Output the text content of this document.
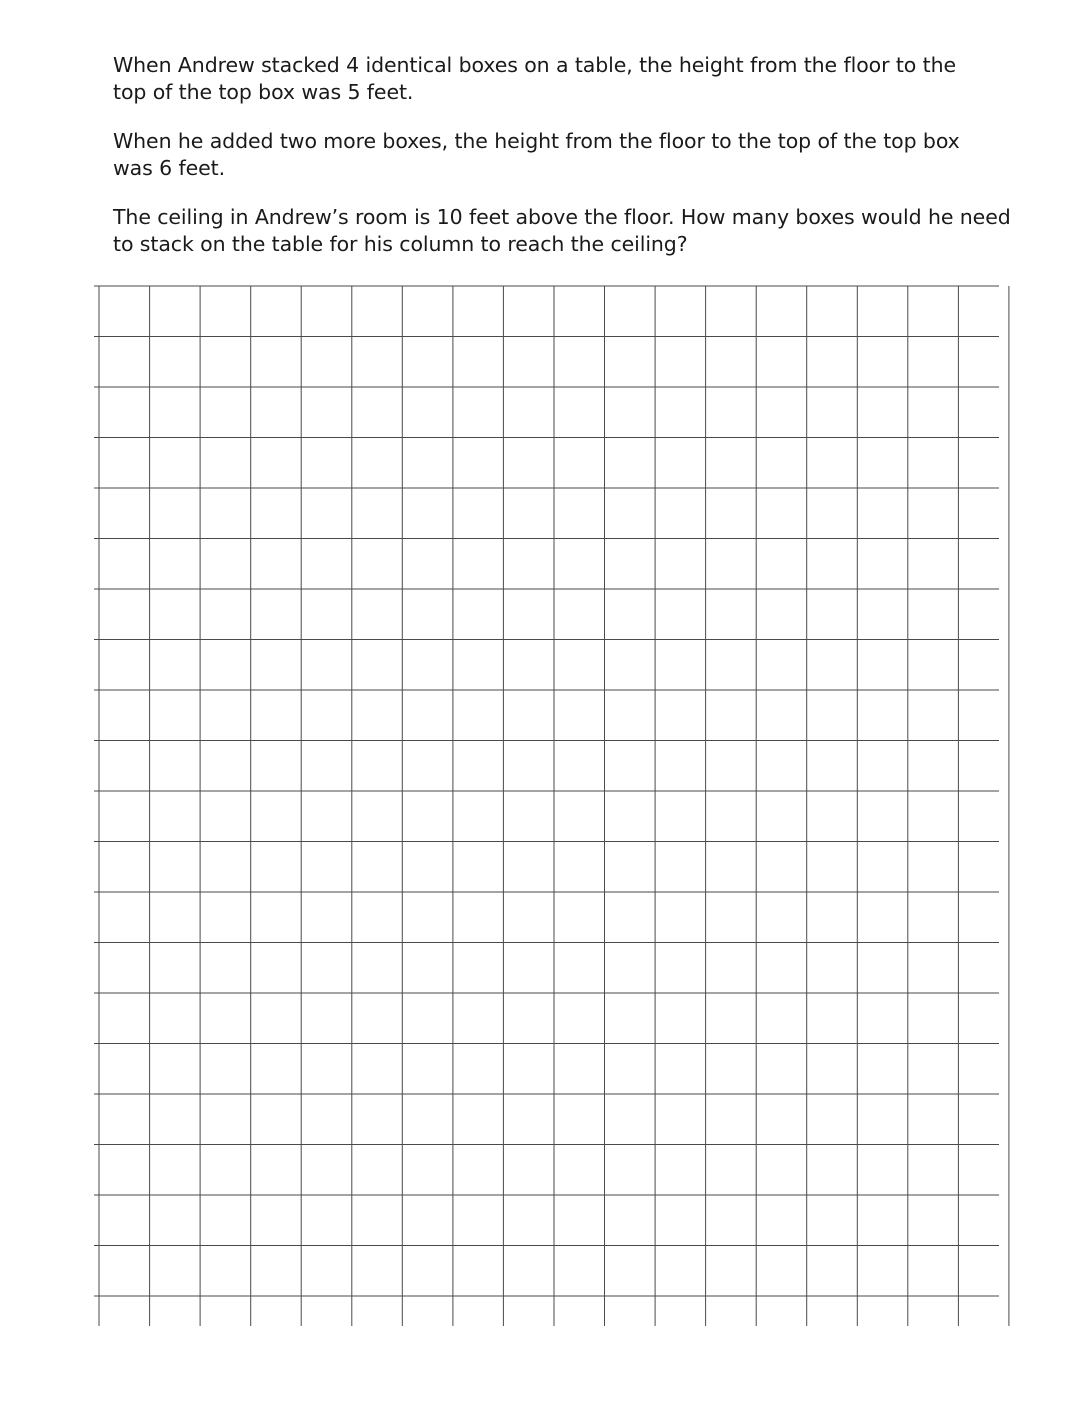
When Andrew stacked 4 identical boxes on a table, the height from the floor to the
top of the top box was 5 feet.

When he added two more boxes, the height from the floor to the top of the top box
was 6 feet.

The ceiling in Andrew’s room is 10 feet above the floor. How many boxes would he need
to stack on the table for his column to reach the ceiling?
